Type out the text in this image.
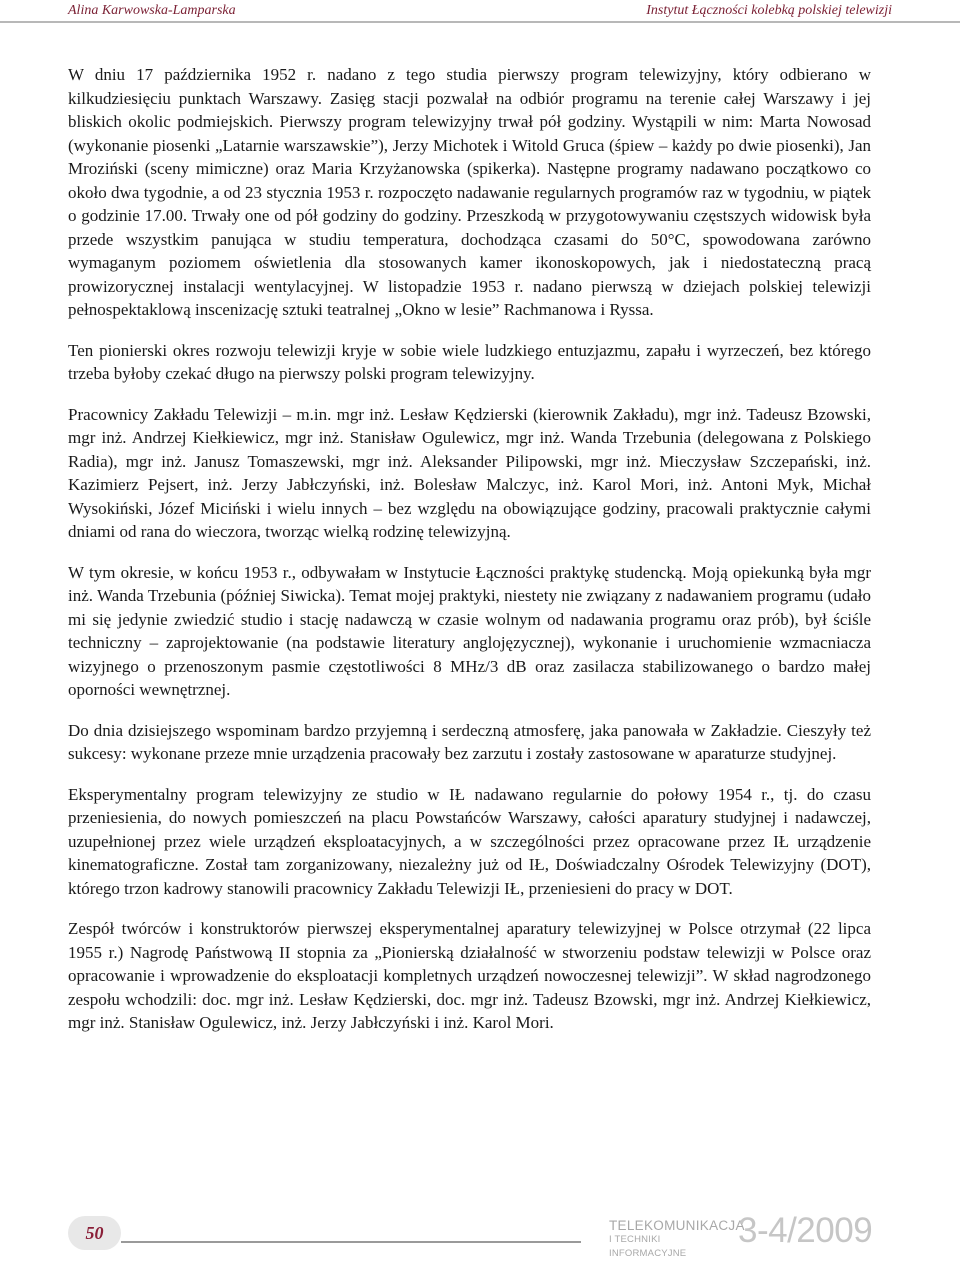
Alina Karwowska-Lamparska	Instytut Łączności kolebką polskiej telewizji

W dniu 17 października 1952 r. nadano z tego studia pierwszy program telewizyjny, który odbierano w kilkudziesięciu punktach Warszawy. Zasięg stacji pozwalał na odbiór programu na terenie całej Warszawy i jej bliskich okolic podmiejskich. Pierwszy program telewizyjny trwał pół godziny. Wystąpili w nim: Marta Nowosad (wykonanie piosenki „Latarnie warszawskie”), Jerzy Michotek i Witold Gruca (śpiew – każdy po dwie piosenki), Jan Mroziński (sceny mimiczne) oraz Maria Krzyżanowska (spikerka). Następne programy nadawano początkowo co około dwa tygodnie, a od 23 stycznia 1953 r. rozpoczęto nadawanie regularnych programów raz w tygodniu, w piątek o godzinie 17.00. Trwały one od pół godziny do godziny. Przeszkodą w przygotowywaniu częstszych widowisk była przede wszystkim panująca w studiu temperatura, dochodząca czasami do 50°C, spowodowana zarówno wymaganym poziomem oświetlenia dla stosowanych kamer ikonoskopowych, jak i niedostateczną pracą prowizorycznej instalacji wentylacyjnej. W listopadzie 1953 r. nadano pierwszą w dziejach polskiej telewizji pełnospektaklową inscenizację sztuki teatralnej „Okno w lesie” Rachmanowa i Ryssa.

Ten pionierski okres rozwoju telewizji kryje w sobie wiele ludzkiego entuzjazmu, zapału i wyrzeczeń, bez którego trzeba byłoby czekać długo na pierwszy polski program telewizyjny.

Pracownicy Zakładu Telewizji – m.in. mgr inż. Lesław Kędzierski (kierownik Zakładu), mgr inż. Tadeusz Bzowski, mgr inż. Andrzej Kiełkiewicz, mgr inż. Stanisław Ogulewicz, mgr inż. Wanda Trzebunia (delegowana z Polskiego Radia), mgr inż. Janusz Tomaszewski, mgr inż. Aleksander Pilipowski, mgr inż. Mieczysław Szczepański, inż. Kazimierz Pejsert, inż. Jerzy Jabłczyński, inż. Bolesław Malczyc, inż. Karol Mori, inż. Antoni Myk, Michał Wysokiński, Józef Miciński i wielu innych – bez względu na obowiązujące godziny, pracowali praktycznie całymi dniami od rana do wieczora, tworząc wielką rodzinę telewizyjną.

W tym okresie, w końcu 1953 r., odbywałam w Instytucie Łączności praktykę studencką. Moją opiekunką była mgr inż. Wanda Trzebunia (później Siwicka). Temat mojej praktyki, niestety nie związany z nadawaniem programu (udało mi się jedynie zwiedzić studio i stację nadawczą w czasie wolnym od nadawania programu oraz prób), był ściśle techniczny – zaprojektowanie (na podstawie literatury anglojęzycznej), wykonanie i uruchomienie wzmacniacza wizyjnego o przenoszonym pasmie częstotliwości 8 MHz/3 dB oraz zasilacza stabilizowanego o bardzo małej oporności wewnętrznej.

Do dnia dzisiejszego wspominam bardzo przyjemną i serdeczną atmosferę, jaka panowała w Zakładzie. Cieszyły też sukcesy: wykonane przeze mnie urządzenia pracowały bez zarzutu i zostały zastosowane w aparaturze studyjnej.

Eksperymentalny program telewizyjny ze studio w IŁ nadawano regularnie do połowy 1954 r., tj. do czasu przeniesienia, do nowych pomieszczeń na placu Powstańców Warszawy, całości aparatury studyjnej i nadawczej, uzupełnionej przez wiele urządzeń eksploatacyjnych, a w szczególności przez opracowane przez IŁ urządzenie kinematograficzne. Został tam zorganizowany, niezależny już od IŁ, Doświadczalny Ośrodek Telewizyjny (DOT), którego trzon kadrowy stanowili pracownicy Zakładu Telewizji IŁ, przeniesieni do pracy w DOT.

Zespół twórców i konstruktorów pierwszej eksperymentalnej aparatury telewizyjnej w Polsce otrzymał (22 lipca 1955 r.) Nagrodę Państwową II stopnia za „Pionierską działalność w stworzeniu podstaw telewizji w Polsce oraz opracowanie i wprowadzenie do eksploatacji kompletnych urządzeń nowoczesnej telewizji”. W skład nagrodzonego zespołu wchodzili: doc. mgr inż. Lesław Kędzierski, doc. mgr inż. Tadeusz Bzowski, mgr inż. Andrzej Kiełkiewicz, mgr inż. Stanisław Ogulewicz, inż. Jerzy Jabłczyński i inż. Karol Mori.

50	TELEKOMUNIKACJA
I TECHNIKI INFORMACYJNE
3-4/2009
